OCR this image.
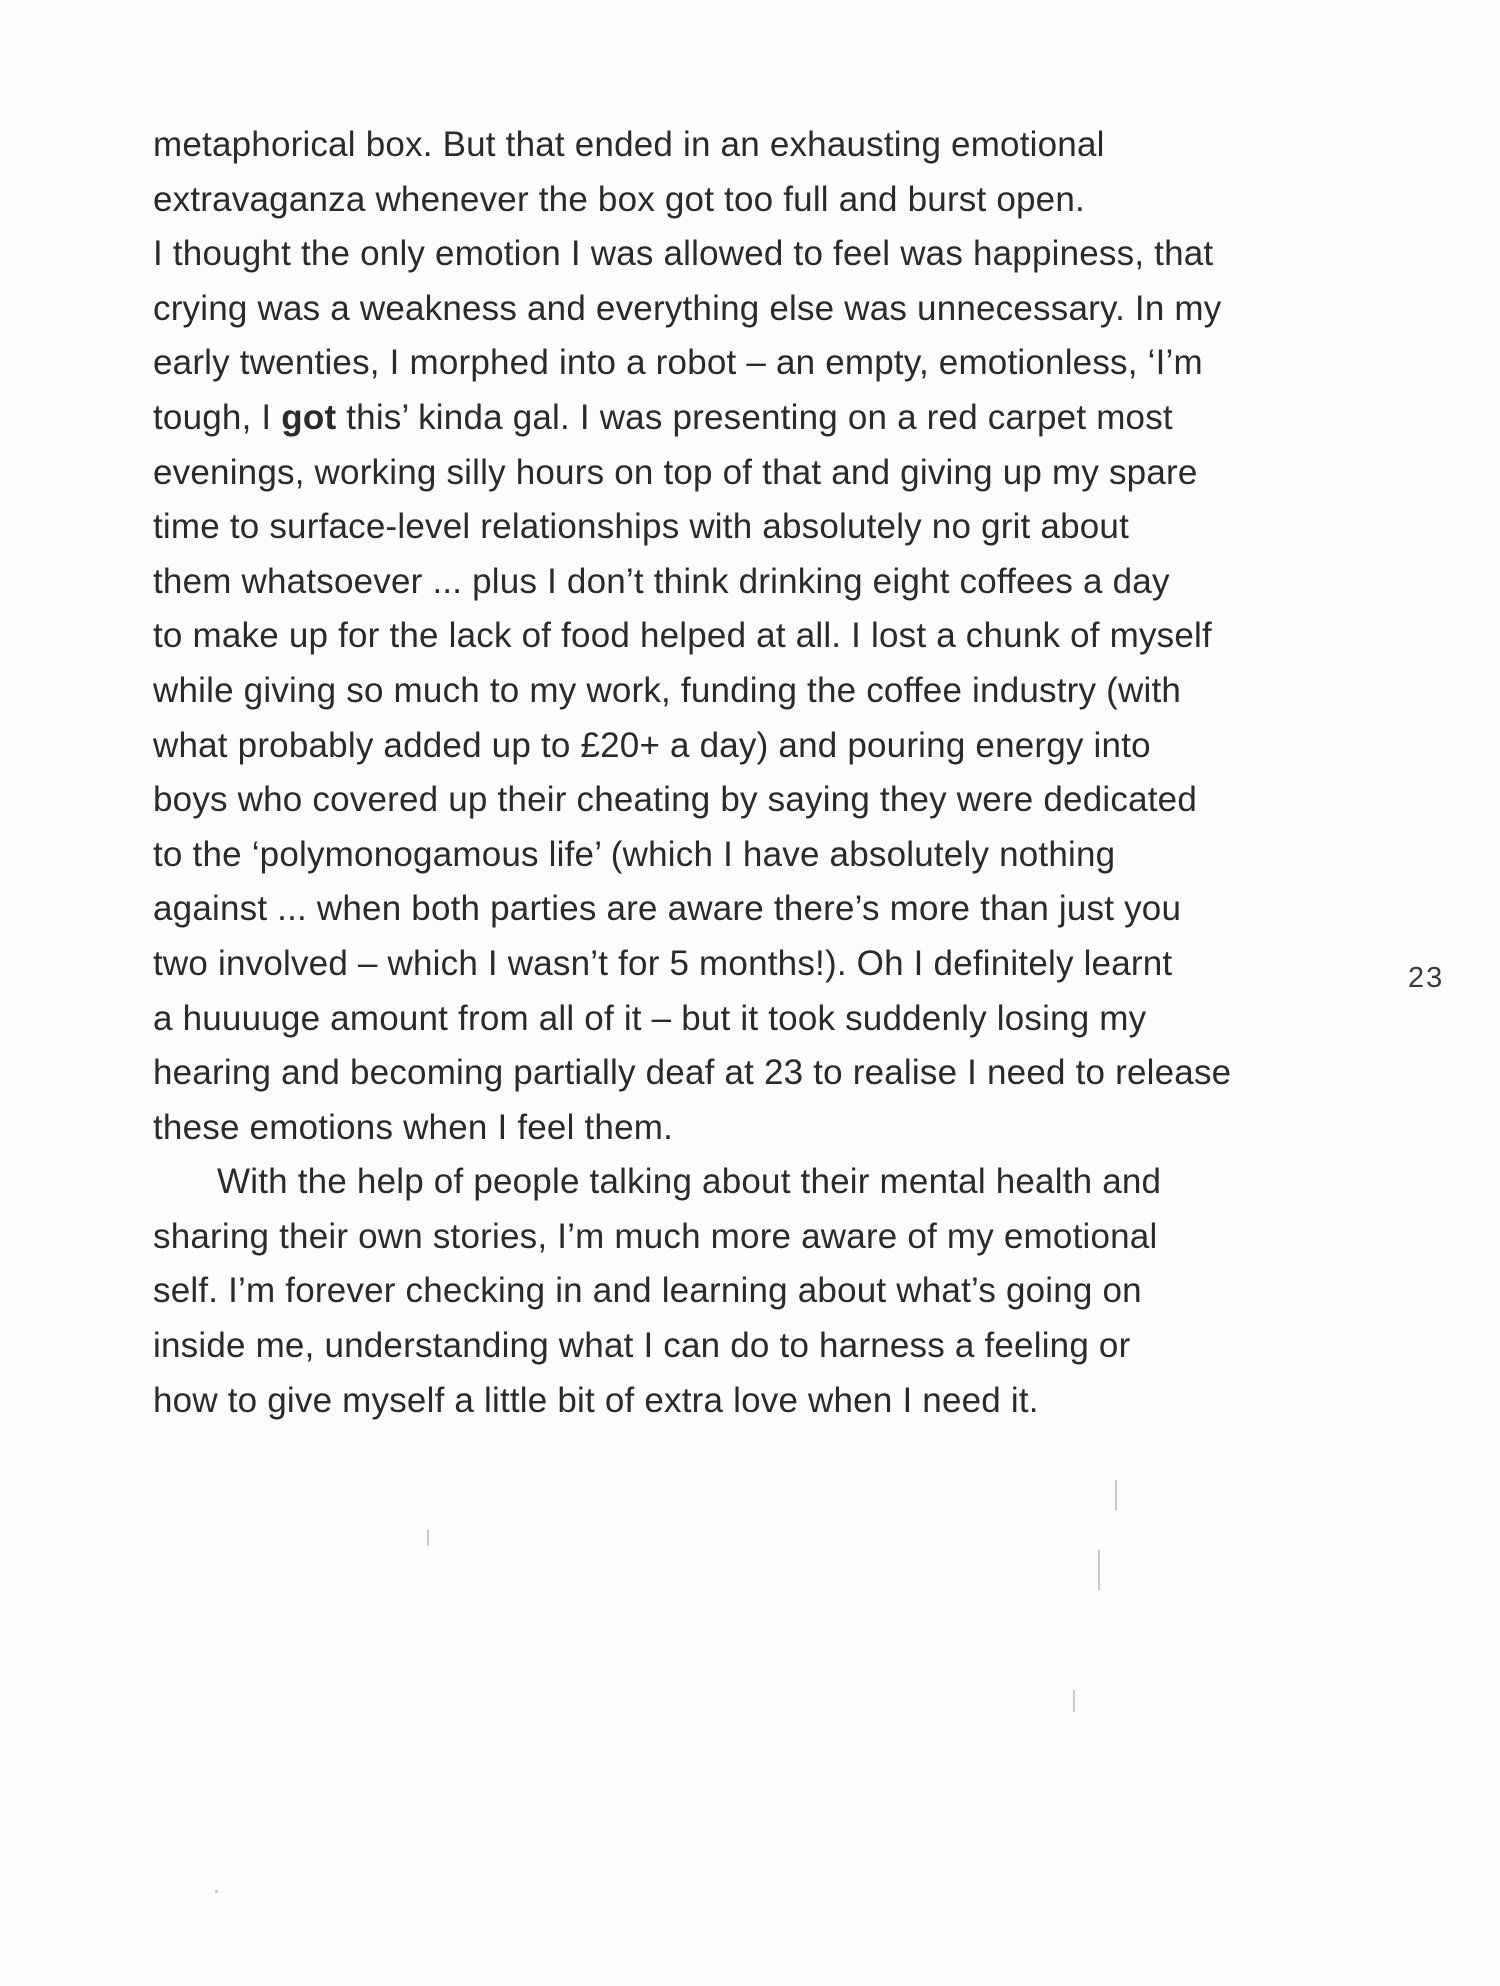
metaphorical box. But that ended in an exhausting emotional
extravaganza whenever the box got too full and burst open.
I thought the only emotion I was allowed to feel was happiness, that
crying was a weakness and everything else was unnecessary. In my
early twenties, I morphed into a robot – an empty, emotionless, ‘I’m
tough, I got this’ kinda gal. I was presenting on a red carpet most
evenings, working silly hours on top of that and giving up my spare
time to surface-level relationships with absolutely no grit about
them whatsoever ... plus I don’t think drinking eight coffees a day
to make up for the lack of food helped at all. I lost a chunk of myself
while giving so much to my work, funding the coffee industry (with
what probably added up to £20+ a day) and pouring energy into
boys who covered up their cheating by saying they were dedicated
to the ‘polymonogamous life’ (which I have absolutely nothing
against ... when both parties are aware there’s more than just you
two involved – which I wasn’t for 5 months!). Oh I definitely learnt
a huuuuge amount from all of it – but it took suddenly losing my
hearing and becoming partially deaf at 23 to realise I need to release
these emotions when I feel them.
With the help of people talking about their mental health and
sharing their own stories, I’m much more aware of my emotional
self. I’m forever checking in and learning about what’s going on
inside me, understanding what I can do to harness a feeling or
how to give myself a little bit of extra love when I need it.
23
